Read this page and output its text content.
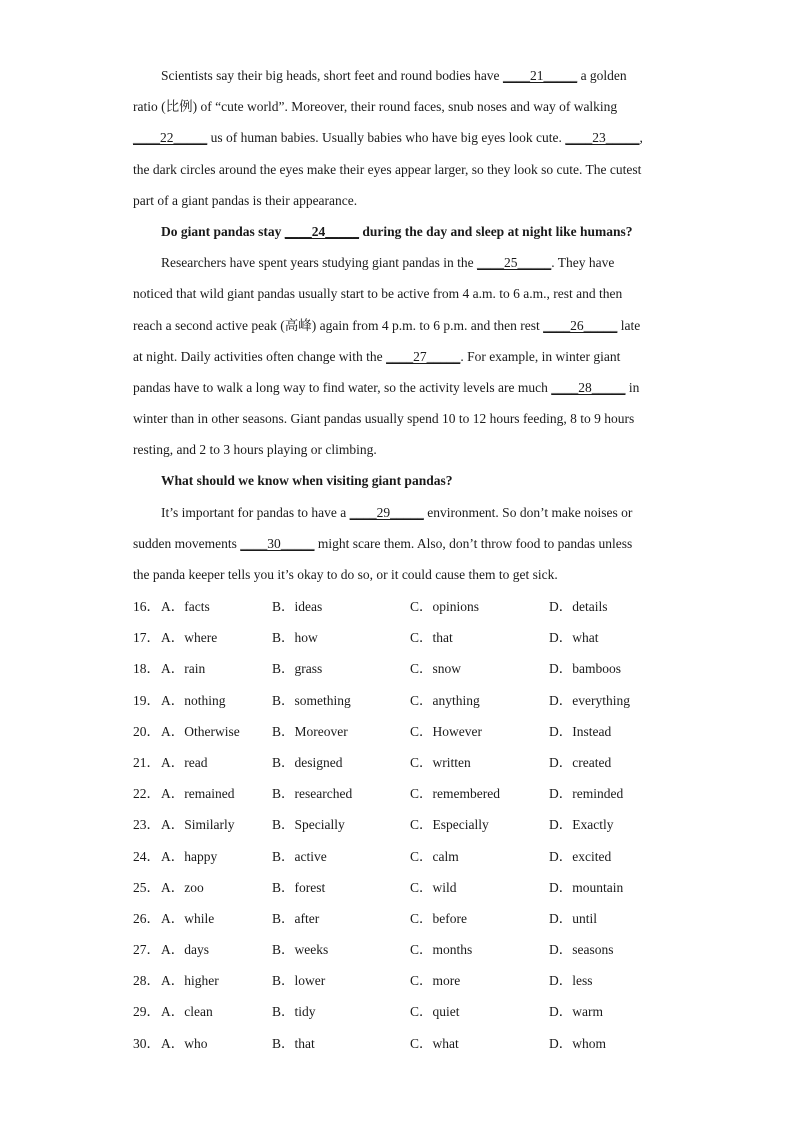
Scientists say their big heads, short feet and round bodies have ____21_____ a golden
ratio (比例) of “cute world”. Moreover, their round faces, snub noses and way of walking
____22_____ us of human babies. Usually babies who have big eyes look cute. ____23_____,
the dark circles around the eyes make their eyes appear larger, so they look so cute. The cutest
part of a giant pandas is their appearance.
Do giant pandas stay ____24_____ during the day and sleep at night like humans?
Researchers have spent years studying giant pandas in the ____25_____. They have
noticed that wild giant pandas usually start to be active from 4 a.m. to 6 a.m., rest and then
reach a second active peak (高峰) again from 4 p.m. to 6 p.m. and then rest ____26_____ late
at night. Daily activities often change with the ____27_____. For example, in winter giant
pandas have to walk a long way to find water, so the activity levels are much ____28_____ in
winter than in other seasons. Giant pandas usually spend 10 to 12 hours feeding, 8 to 9 hours
resting, and 2 to 3 hours playing or climbing.
What should we know when visiting giant pandas?
It’s important for pandas to have a ____29_____ environment. So don’t make noises or
sudden movements ____30_____ might scare them. Also, don’t throw food to pandas unless
the panda keeper tells you it’s okay to do so, or it could cause them to get sick.
16． A．facts	B．ideas	C．opinions	D．details
17． A．where	B．how	C．that	D．what
18． A．rain	B．grass	C．snow	D．bamboos
19． A．nothing	B．something	C．anything	D．everything
20． A．Otherwise B．Moreover	C．However	D．Instead
21． A．read	B．designed	C．written	D．created
22． A．remained	B．researched	C．remembered	D．reminded
23． A．Similarly	B．Specially	C．Especially	D．Exactly
24． A．happy	B．active	C．calm	D．excited
25． A．zoo	B．forest	C．wild	D．mountain
26． A．while	B．after	C．before	D．until
27． A．days	B．weeks	C．months	D．seasons
28． A．higher	B．lower	C．more	D．less
29． A．clean	B．tidy	C．quiet	D．warm
30． A．who	B．that	C．what	D．whom
